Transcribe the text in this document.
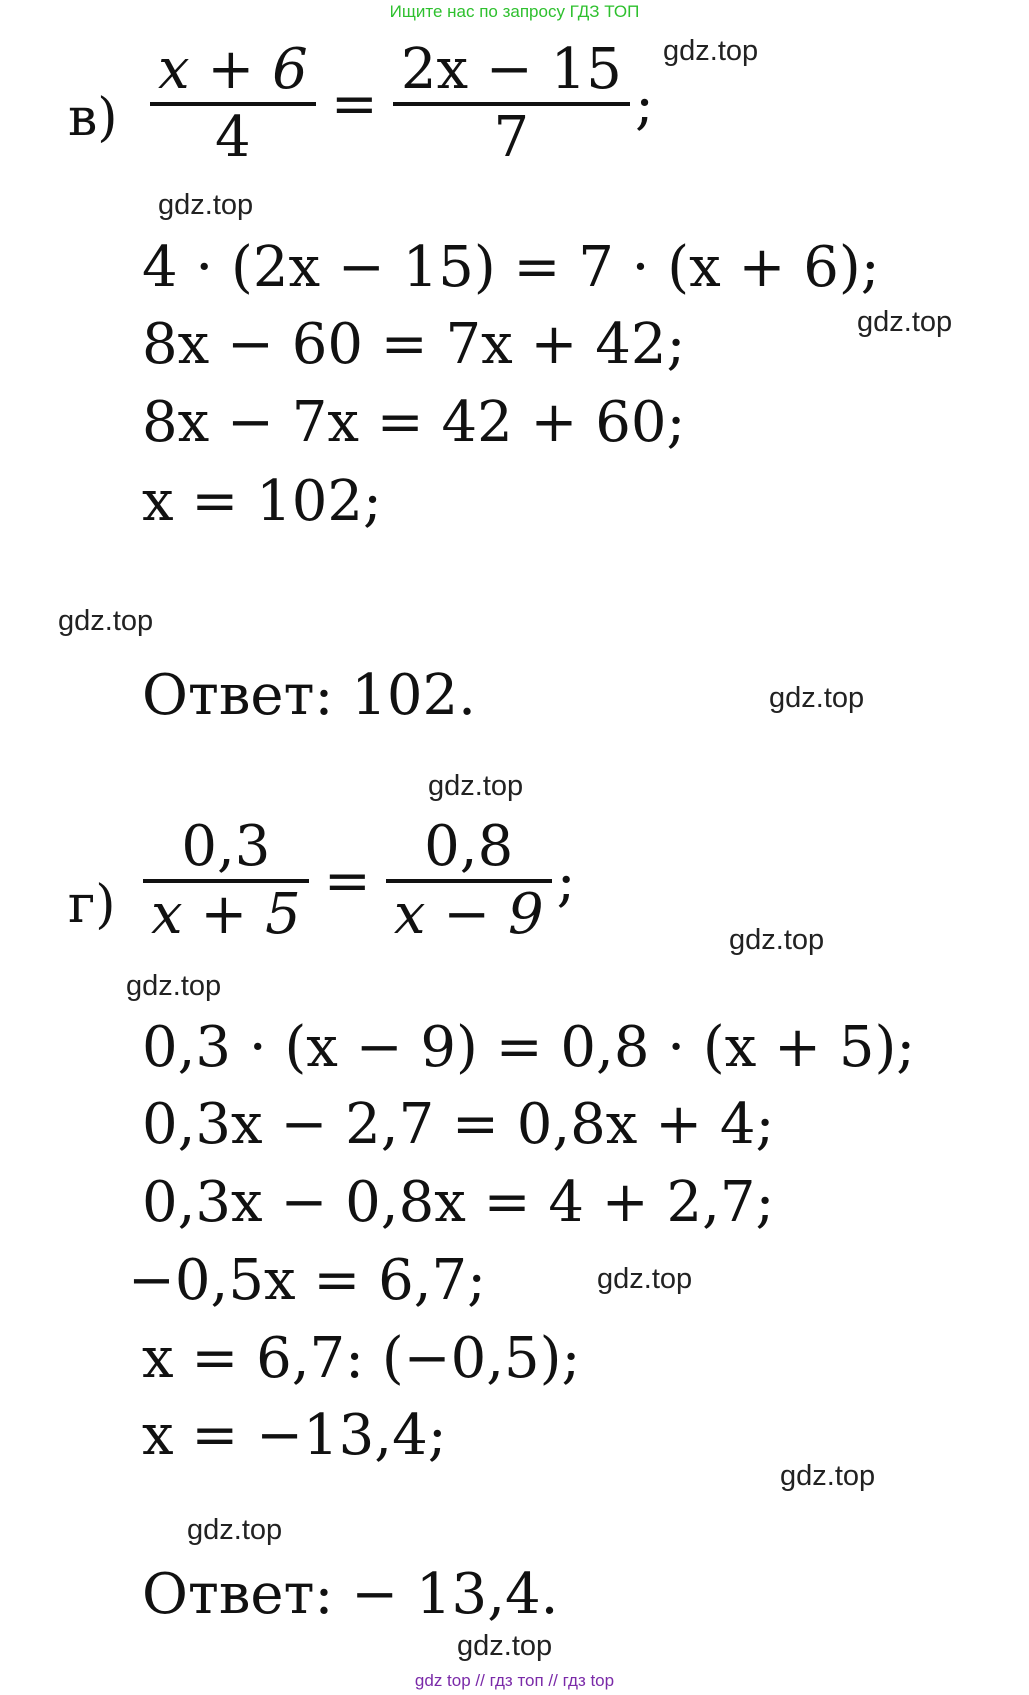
Ищите нас по запросу ГДЗ ТОП
$в) \frac{x + 6}{4} = \frac{2x - 15}{7}$ ;
4 · (2x − 15) = 7 · (x + 6);
8x − 60 = 7x + 42;
8x − 7x = 42 + 60;
x = 102;
Ответ: 102.
$г) \frac{0,3}{x + 5} = \frac{0,8}{x - 9}$ ;
0,3 · (x − 9) = 0,8 · (x + 5);
0,3x − 2,7 = 0,8x + 4;
0,3x − 0,8x = 4 + 2,7;
−0,5x = 6,7;
x = 6,7: (−0,5);
x = −13,4;
Ответ: − 13,4.
gdz.top
gdz.top
gdz.top
gdz.top
gdz.top
gdz.top
gdz.top
gdz.top
gdz.top
gdz.top
gdz.top
gdz.top
gdz top // гдз топ // гдз top
